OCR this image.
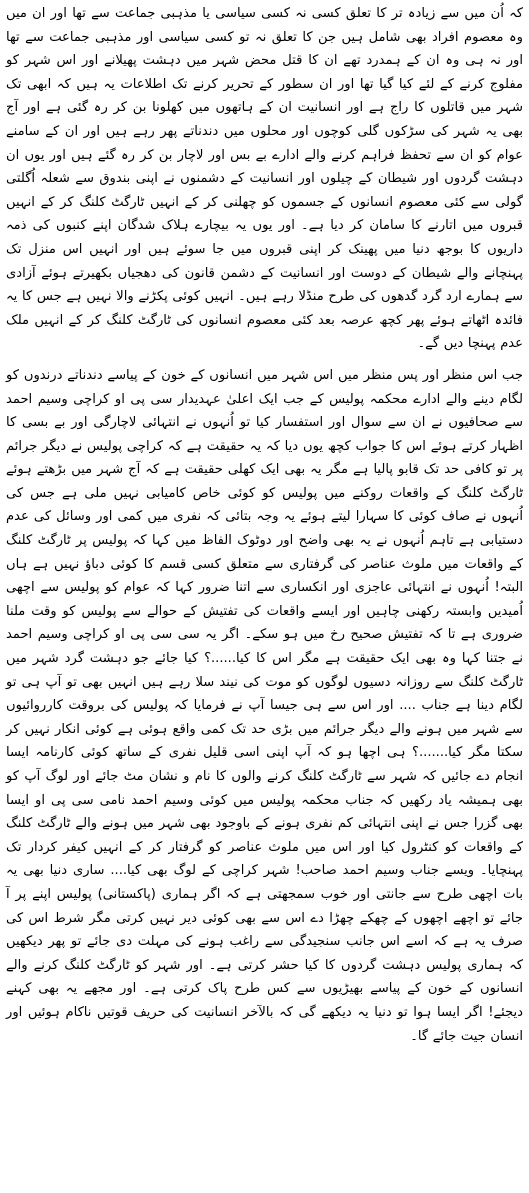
کہ اُن میں سے زیادہ تر کا تعلق کسی نہ کسی سیاسی یا مذہبی جماعت سے تھا اور ان میں وہ معصوم افراد بھی شامل ہیں جن کا تعلق نہ تو کسی سیاسی اور مذہبی جماعت سے تھا اور نہ ہی وہ ان کے ہمدرد تھے ان کا قتل محض شہر میں دہشت پھیلانے اور اس شہر کو مفلوج کرنے کے لئے کیا گیا تھا اور ان سطور کے تحریر کرنے تک اطلاعات یہ ہیں کہ ابھی تک شہر میں قاتلوں کا راج ہے اور انسانیت ان کے ہاتھوں میں کھلونا بن کر رہ گئی ہے اور آج بھی یہ شہر کی سڑکوں گلی کوچوں اور محلوں میں دندناتے پھر رہے ہیں اور ان کے سامنے عوام کو ان سے تحفظ فراہم کرنے والے ادارے بے بس اور لاچار بن کر رہ گئے ہیں اور یوں ان دہشت گردوں اور شیطان کے چیلوں اور انسانیت کے دشمنوں نے اپنی بندوق سے شعلہ اُگلتی گولی سے کئی معصوم انسانوں کے جسموں کو چھلنی کر کے انہیں ٹارگٹ کلنگ کر کے انہیں قبروں میں اتارنے کا سامان کر دیا ہے۔ اور یوں یہ بیچارے ہلاک شدگان اپنے کنبوں کی ذمہ داریوں کا بوجھ دنیا میں پھینک کر اپنی قبروں میں جا سوئے ہیں اور انہیں اس منزل تک پہنچانے والے شیطان کے دوست اور انسانیت کے دشمن قانون کی دھجیاں بکھیرتے ہوئے آزادی سے ہمارے ارد گرد گدھوں کی طرح منڈلا رہے ہیں۔ انہیں کوئی پکڑنے والا نہیں ہے جس کا یہ فائدہ اٹھاتے ہوئے پھر کچھ عرصہ بعد کئی معصوم انسانوں کی ٹارگٹ کلنگ کر کے انہیں ملک عدم پہنچا دیں گے۔

جب اس منظر اور پس منظر میں اس شہر میں انسانوں کے خون کے پیاسے دندناتے درندوں کو لگام دینے والے ادارے محکمہ پولیس کے جب ایک اعلیٰ عہدیدار سی پی او کراچی وسیم احمد سے صحافیوں نے ان سے سوال اور استفسار کیا تو اُنہوں نے انتہائی لاچارگی اور بے بسی کا اظہار کرتے ہوئے اس کا جواب کچھ یوں دیا کہ یہ حقیقت ہے کہ کراچی پولیس نے دیگر جرائم پر تو کافی حد تک قابو پالیا ہے مگر یہ بھی ایک کھلی حقیقت ہے کہ آج شہر میں بڑھتے ہوئے ٹارگٹ کلنگ کے واقعات روکنے میں پولیس کو کوئی خاص کامیابی نہیں ملی ہے جس کی اُنہوں نے صاف کوئی کا سہارا لیتے ہوئے یہ وجہ بتائی کہ نفری میں کمی اور وسائل کی عدم دستیابی ہے تاہم اُنہوں نے یہ بھی واضح اور دوٹوک الفاظ میں کہا کہ پولیس پر ٹارگٹ کلنگ کے واقعات میں ملوث عناصر کی گرفتاری سے متعلق کسی قسم کا کوئی دباؤ نہیں ہے ہاں البتہ! اُنہوں نے انتہائی عاجزی اور انکساری سے اتنا ضرور کہا کہ عوام کو پولیس سے اچھی اُمیدیں وابستہ رکھنی چاہیں اور ایسے واقعات کی تفتیش کے حوالے سے پولیس کو وقت ملنا ضروری ہے تا کہ تفتیش صحیح رخ میں ہو سکے۔ اگر یہ سی سی پی او کراچی وسیم احمد نے جتنا کہا وہ بھی ایک حقیقت ہے مگر اس کا کیا......؟ کیا جائے جو دہشت گرد شہر میں ٹارگٹ کلنگ سے روزانہ دسیوں لوگوں کو موت کی نیند سلا رہے ہیں انہیں بھی تو آپ ہی تو لگام دینا ہے جناب .... اور اس سے ہی جیسا آپ نے فرمایا کہ پولیس کی بروقت کارروائیوں سے شہر میں ہونے والے دیگر جرائم میں بڑی حد تک کمی واقع ہوئی ہے کوئی انکار نہیں کر سکتا مگر کیا.......؟ ہی اچھا ہو کہ آپ اپنی اسی قلیل نفری کے ساتھ کوئی کارنامہ ایسا انجام دے جائیں کہ شہر سے ٹارگٹ کلنگ کرنے والوں کا نام و نشان مٹ جائے اور لوگ آپ کو بھی ہمیشہ یاد رکھیں کہ جناب محکمہ پولیس میں کوئی وسیم احمد نامی سی پی او ایسا بھی گزرا جس نے اپنی انتہائی کم نفری ہونے کے باوجود بھی شہر میں ہونے والے ٹارگٹ کلنگ کے واقعات کو کنٹرول کیا اور اس میں ملوث عناصر کو گرفتار کر کے انہیں کیفر کردار تک پہنچایا۔ ویسے جناب وسیم احمد صاحب! شہر کراچی کے لوگ بھی کیا.... ساری دنیا بھی یہ بات اچھی طرح سے جانتی اور خوب سمجھتی ہے کہ اگر ہماری (پاکستانی) پولیس اپنے پر آ جائے تو اچھے اچھوں کے چھکے چھڑا دے اس سے بھی کوئی دیر نہیں کرتی مگر شرط اس کی صرف یہ ہے کہ اسے اس جانب سنجیدگی سے راغب ہونے کی مہلت دی جائے تو پھر دیکھیں کہ ہماری پولیس دہشت گردوں کا کیا حشر کرتی ہے۔ اور شہر کو ٹارگٹ کلنگ کرنے والے انسانوں کے خون کے پیاسے بھیڑیوں سے کس طرح پاک کرتی ہے۔ اور مجھے یہ بھی کہنے دیجئے! اگر ایسا ہوا تو دنیا یہ دیکھے گی کہ بالآخر انسانیت کی حریف قوتیں ناکام ہوئیں اور انسان جیت جائے گا۔
